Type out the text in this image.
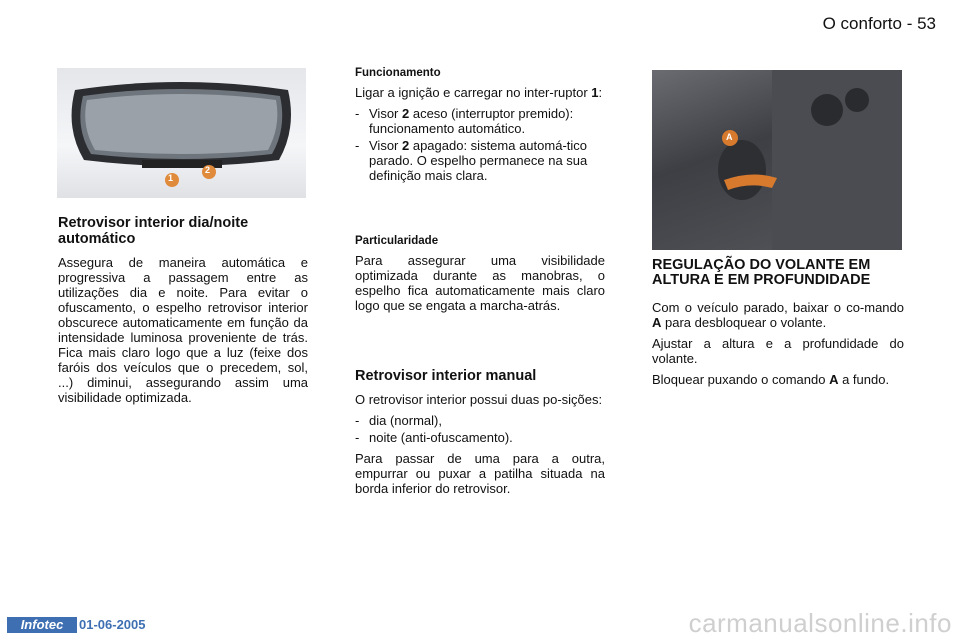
O conforto - 53
1
2
Retrovisor interior dia/noite automático

Assegura de maneira automática e progressiva a passagem entre as utilizações dia e noite. Para evitar o ofuscamento, o espelho retrovisor interior obscurece automaticamente em função da intensidade luminosa proveniente de trás. Fica mais claro logo que a luz (feixe dos faróis dos veículos que o precedem, sol, ...) diminui, assegurando assim uma visibilidade optimizada.

Funcionamento

Ligar a ignição e carregar no inter-ruptor 1:

- Visor 2 aceso (interruptor premido): funcionamento automático.
- Visor 2 apagado: sistema automá-tico parado. O espelho permanece na sua definição mais clara.
Particularidade

Para assegurar uma visibilidade optimizada durante as manobras, o espelho fica automaticamente mais claro logo que se engata a marcha-atrás.

Retrovisor interior manual

O retrovisor interior possui duas po-sições:

- dia (normal),
- noite (anti-ofuscamento).

Para passar de uma para a outra, empurrar ou puxar a patilha situada na borda inferior do retrovisor.

A
REGULAÇÃO DO VOLANTE EM ALTURA E EM PROFUNDIDADE

Com o veículo parado, baixar o co-mando A para desbloquear o volante.

Ajustar a altura e a profundidade do volante.

Bloquear puxando o comando A a fundo.

Infotec	01-06-2005	carmanualsonline.info
